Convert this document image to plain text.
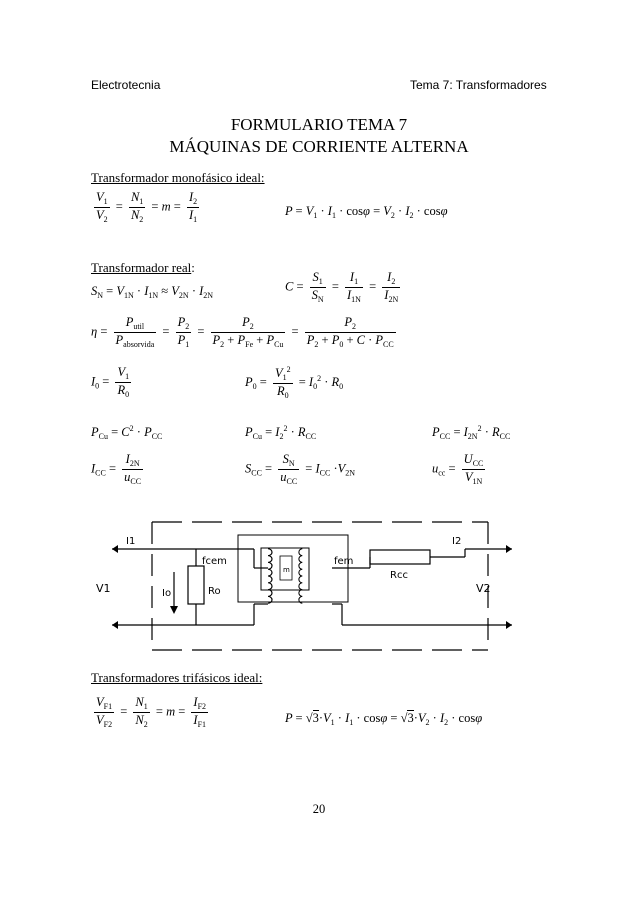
Electrotecnia	Tema 7: Transformadores
FORMULARIO TEMA 7
MÁQUINAS DE CORRIENTE ALTERNA
Transformador monofásico ideal:
$\frac{V_1}{V_2} = \frac{N_1}{N_2} = m = \frac{I_2}{I_1}$	$P = V_1 \cdot I_1 \cdot \cos\varphi = V_2 \cdot I_2 \cdot \cos\varphi$
Transformador real:
$S_N = V_{1N} \cdot I_{1N} \approx V_{2N} \cdot I_{2N}$
$C = \frac{S_1}{S_N} = \frac{I_1}{I_{1N}} = \frac{I_2}{I_{2N}}$
$\eta = \frac{P_{util}}{P_{absorvida}} = \frac{P_2}{P_1} = \frac{P_2}{P_2 + P_{Fe} + P_{Cu}} = \frac{P_2}{P_2 + P_0 + C \cdot P_{CC}}$
$I_0 = \frac{V_1}{R_0}$	$P_0 = \frac{V_1^2}{R_0} = I_0^2 \cdot R_0$
$P_{Cu} = C^2 \cdot P_{CC}$	$P_{Cu} = I_2^2 \cdot R_{CC}$	$P_{CC} = I_{2N}^2 \cdot R_{CC}$
$I_{CC} = \frac{I_{2N}}{u_{CC}}$	$S_{CC} = \frac{S_N}{u_{CC}} = I_{CC} \cdot V_{2N}$	$u_{cc} = \frac{U_{CC}}{V_{1N}}$
I1	I2
V1	V2
Io	Ro
fcem	fem
m	Rcc
Transformadores trifásicos ideal:
$\frac{V_{F1}}{V_{F2}} = \frac{N_1}{N_2} = m = \frac{I_{F2}}{I_{F1}}$	$P = √3\cdot V_1 \cdot I_1 \cdot \cos\varphi = √3\cdot V_2 \cdot I_2 \cdot \cos\varphi$
20
